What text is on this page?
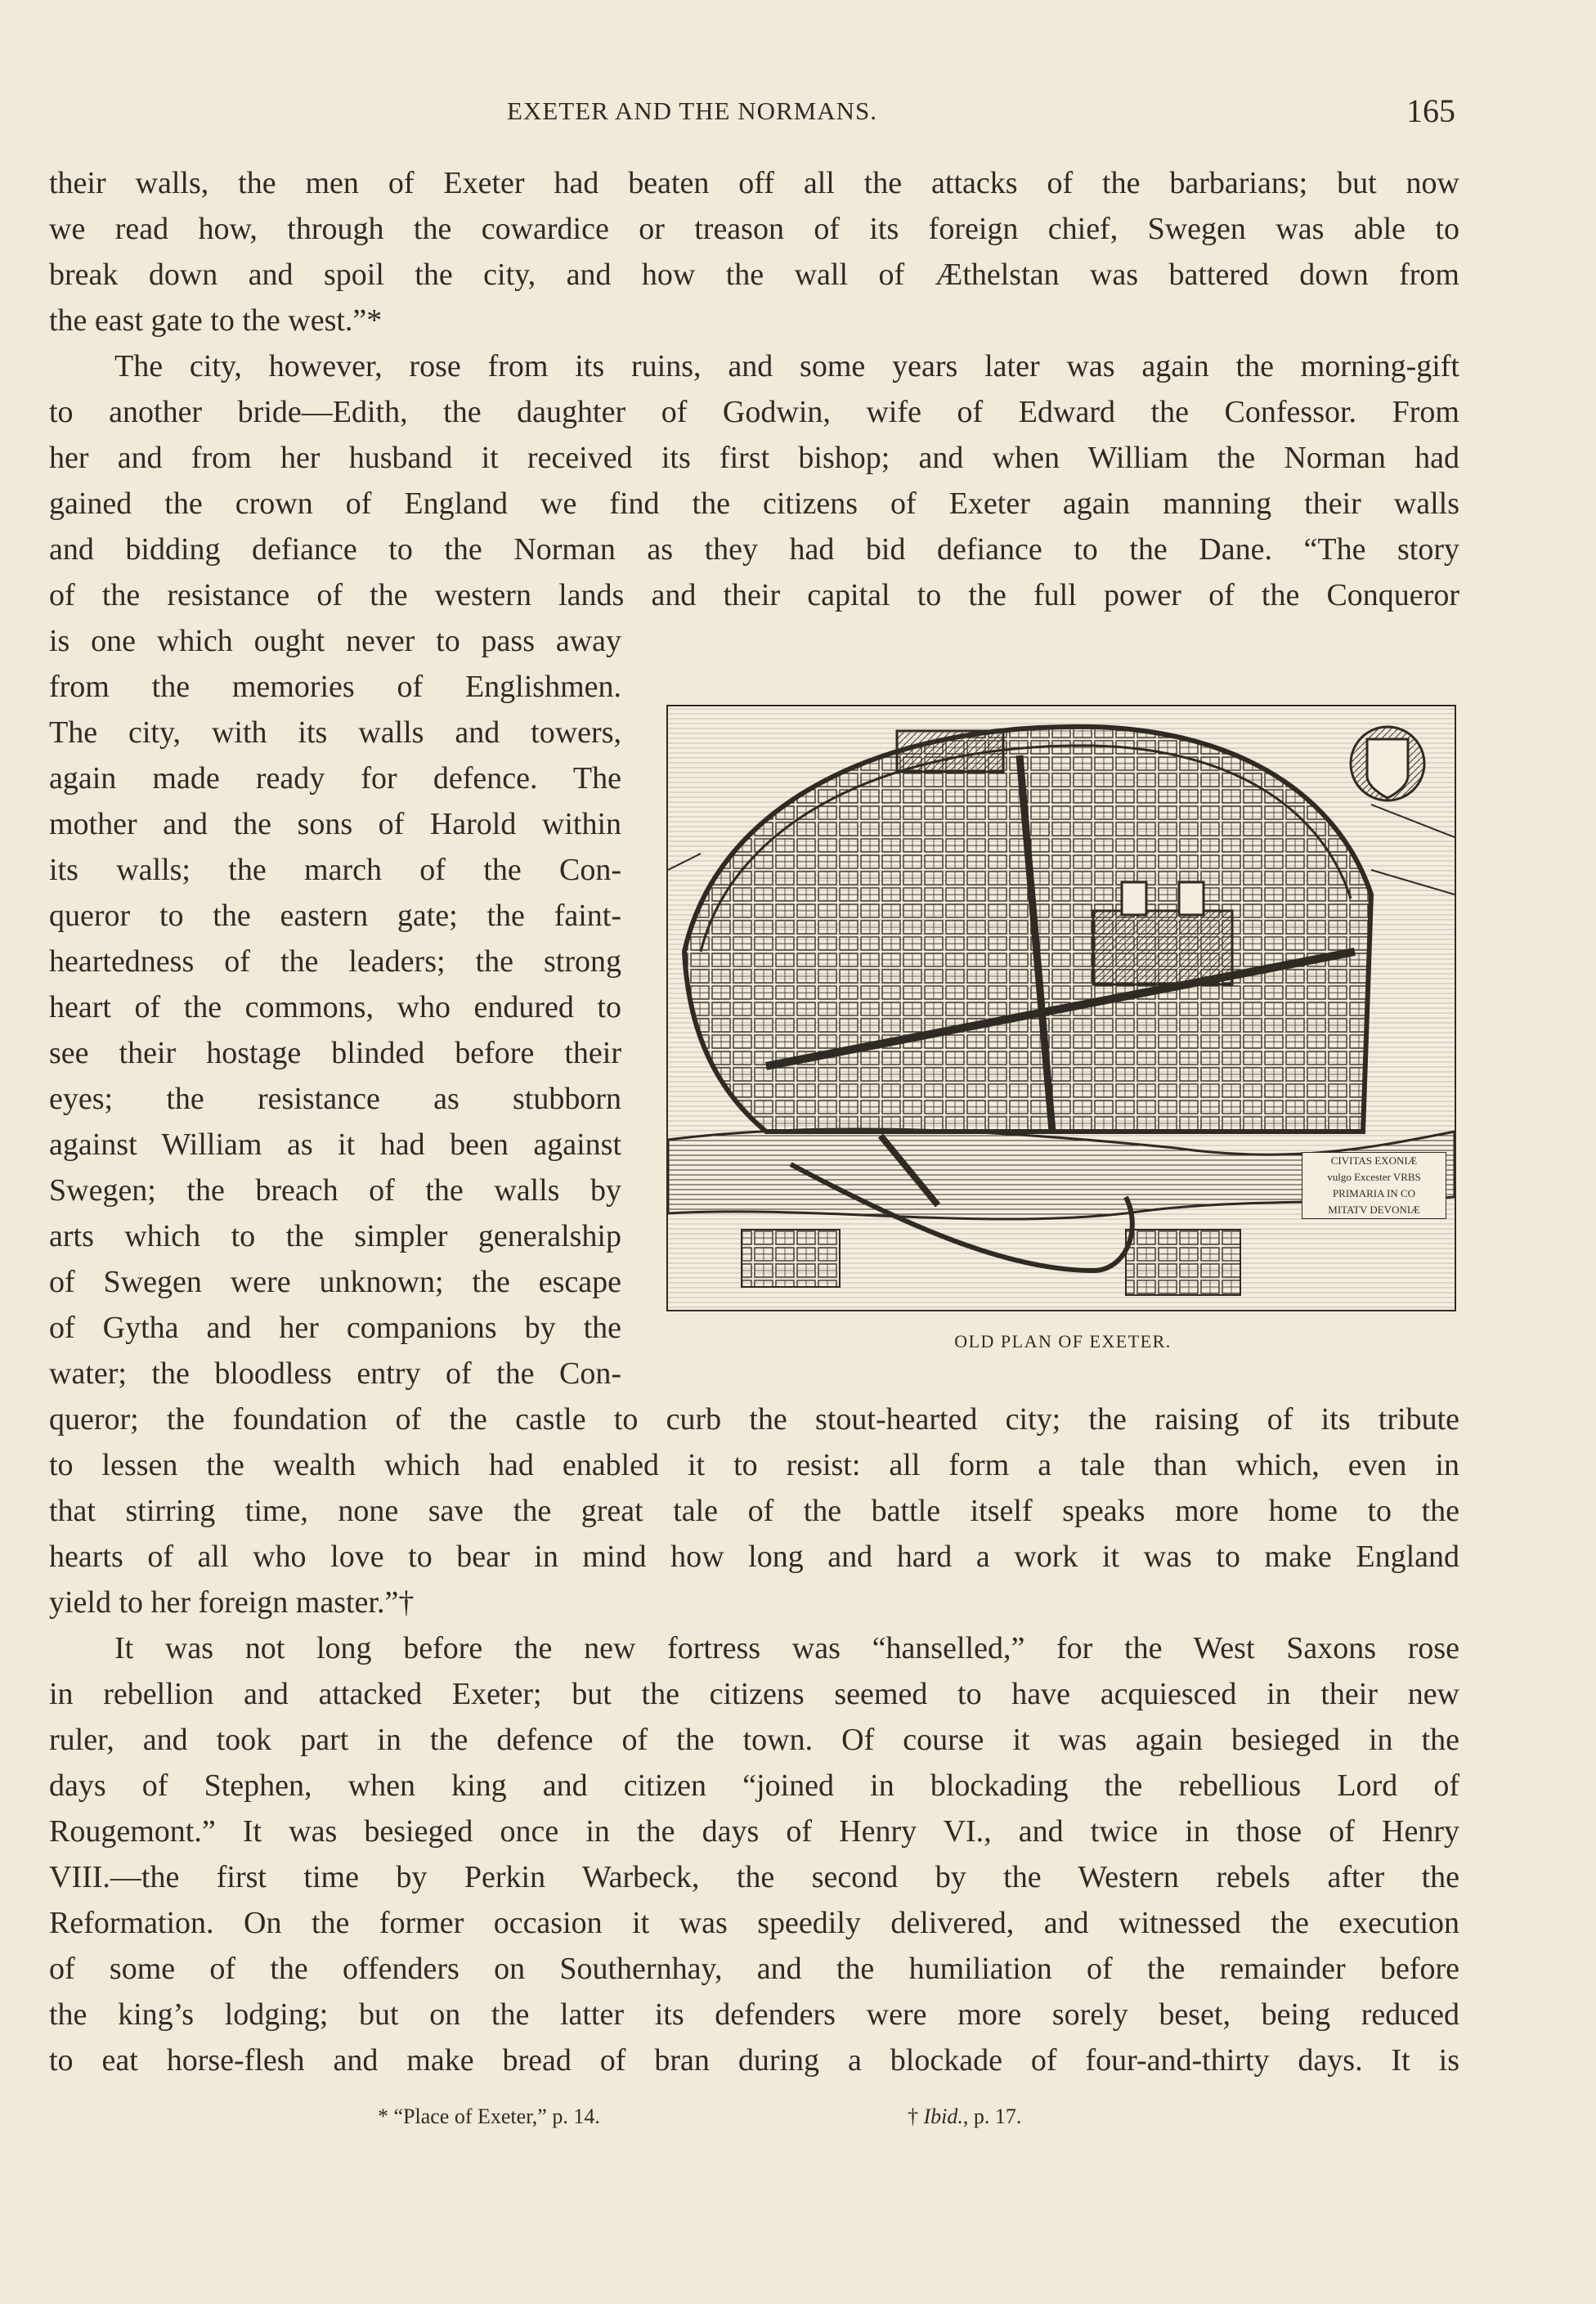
EXETER AND THE NORMANS.	165
their walls, the men of Exeter had beaten off all the attacks of the barbarians; but now
we read how, through the cowardice or treason of its foreign chief, Swegen was able to
break down and spoil the city, and how the wall of Æthelstan was battered down from
the east gate to the west.”*
The city, however, rose from its ruins, and some years later was again the morning-gift
to another bride—Edith, the daughter of Godwin, wife of Edward the Confessor. From
her and from her husband it received its first bishop; and when William the Norman had
gained the crown of England we find the citizens of Exeter again manning their walls
and bidding defiance to the Norman as they had bid defiance to the Dane. “The story
of the resistance of the western lands and their capital to the full power of the Conqueror
is one which ought never to pass away
from the memories of Englishmen.
The city, with its walls and towers,
again made ready for defence. The
mother and the sons of Harold within
its walls; the march of the Con-
queror to the eastern gate; the faint-
heartedness of the leaders; the strong
heart of the commons, who endured to
see their hostage blinded before their
eyes; the resistance as stubborn
against William as it had been against
Swegen; the breach of the walls by
arts which to the simpler generalship
of Swegen were unknown; the escape
of Gytha and her companions by the
water; the bloodless entry of the Con-
queror; the foundation of the castle to curb the stout-hearted city; the raising of its tribute
to lessen the wealth which had enabled it to resist: all form a tale than which, even in
that stirring time, none save the great tale of the battle itself speaks more home to the
hearts of all who love to bear in mind how long and hard a work it was to make England
yield to her foreign master.”†
It was not long before the new fortress was “hanselled,” for the West Saxons rose
in rebellion and attacked Exeter; but the citizens seemed to have acquiesced in their new
ruler, and took part in the defence of the town. Of course it was again besieged in the
days of Stephen, when king and citizen “joined in blockading the rebellious Lord of
Rougemont.” It was besieged once in the days of Henry VI., and twice in those of Henry
VIII.—the first time by Perkin Warbeck, the second by the Western rebels after the
Reformation. On the former occasion it was speedily delivered, and witnessed the execution
of some of the offenders on Southernhay, and the humiliation of the remainder before
the king’s lodging; but on the latter its defenders were more sorely beset, being reduced
to eat horse-flesh and make bread of bran during a blockade of four-and-thirty days. It is
CIVITAS EXONIÆ
vulgo Excester VRBS
PRIMARIA IN CO
MITATV DEVONIÆ
OLD PLAN OF EXETER.
* “Place of Exeter,” p. 14.	† Ibid., p. 17.
